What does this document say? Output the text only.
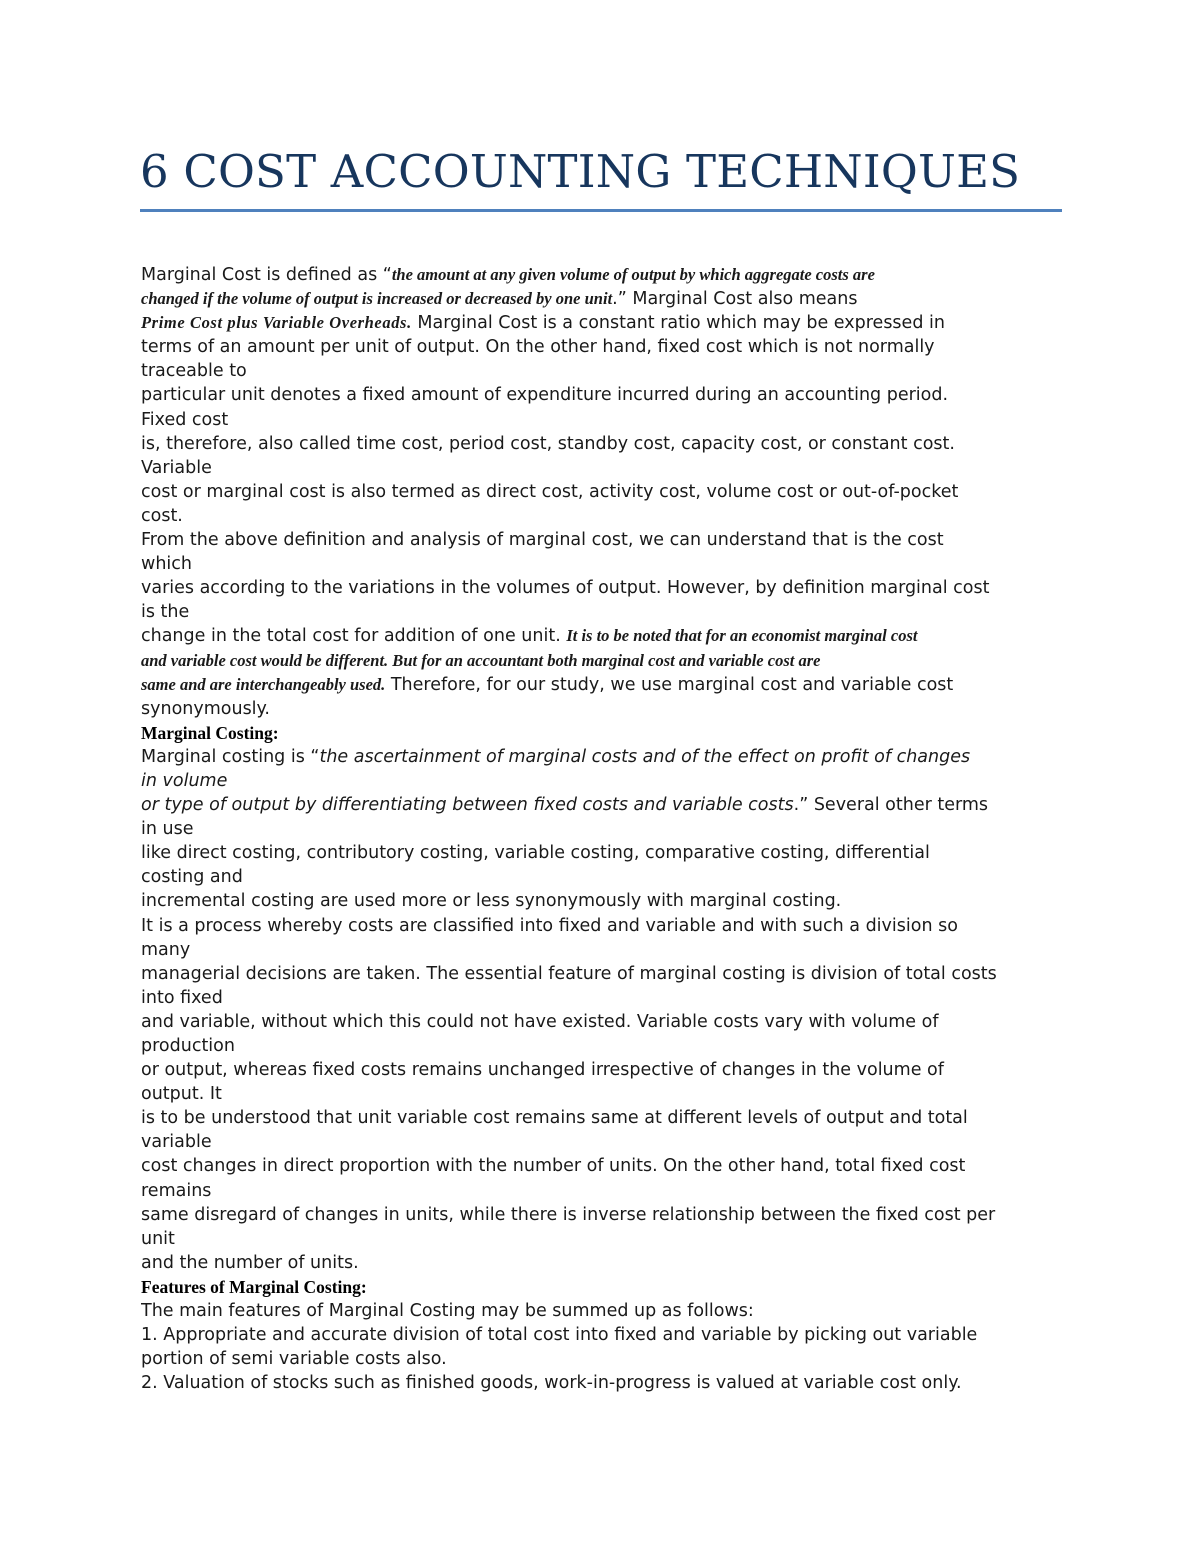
6 COST ACCOUNTING TECHNIQUES
Marginal Cost is defined as “the amount at any given volume of output by which aggregate costs are
changed if the volume of output is increased or decreased by one unit.” Marginal Cost also means
Prime Cost plus Variable Overheads. Marginal Cost is a constant ratio which may be expressed in
terms of an amount per unit of output. On the other hand, fixed cost which is not normally
traceable to
particular unit denotes a fixed amount of expenditure incurred during an accounting period.
Fixed cost
is, therefore, also called time cost, period cost, standby cost, capacity cost, or constant cost.
Variable
cost or marginal cost is also termed as direct cost, activity cost, volume cost or out-of-pocket
cost.
From the above definition and analysis of marginal cost, we can understand that is the cost
which
varies according to the variations in the volumes of output. However, by definition marginal cost
is the
change in the total cost for addition of one unit. It is to be noted that for an economist marginal cost
and variable cost would be different. But for an accountant both marginal cost and variable cost are
same and are interchangeably used. Therefore, for our study, we use marginal cost and variable cost
synonymously.
Marginal Costing:
Marginal costing is “the ascertainment of marginal costs and of the effect on profit of changes
in volume
or type of output by differentiating between fixed costs and variable costs.” Several other terms
in use
like direct costing, contributory costing, variable costing, comparative costing, differential
costing and
incremental costing are used more or less synonymously with marginal costing.
It is a process whereby costs are classified into fixed and variable and with such a division so
many
managerial decisions are taken. The essential feature of marginal costing is division of total costs
into fixed
and variable, without which this could not have existed. Variable costs vary with volume of
production
or output, whereas fixed costs remains unchanged irrespective of changes in the volume of
output. It
is to be understood that unit variable cost remains same at different levels of output and total
variable
cost changes in direct proportion with the number of units. On the other hand, total fixed cost
remains
same disregard of changes in units, while there is inverse relationship between the fixed cost per
unit
and the number of units.
Features of Marginal Costing:
The main features of Marginal Costing may be summed up as follows:
1. Appropriate and accurate division of total cost into fixed and variable by picking out variable
portion of semi variable costs also.
2. Valuation of stocks such as finished goods, work-in-progress is valued at variable cost only.
